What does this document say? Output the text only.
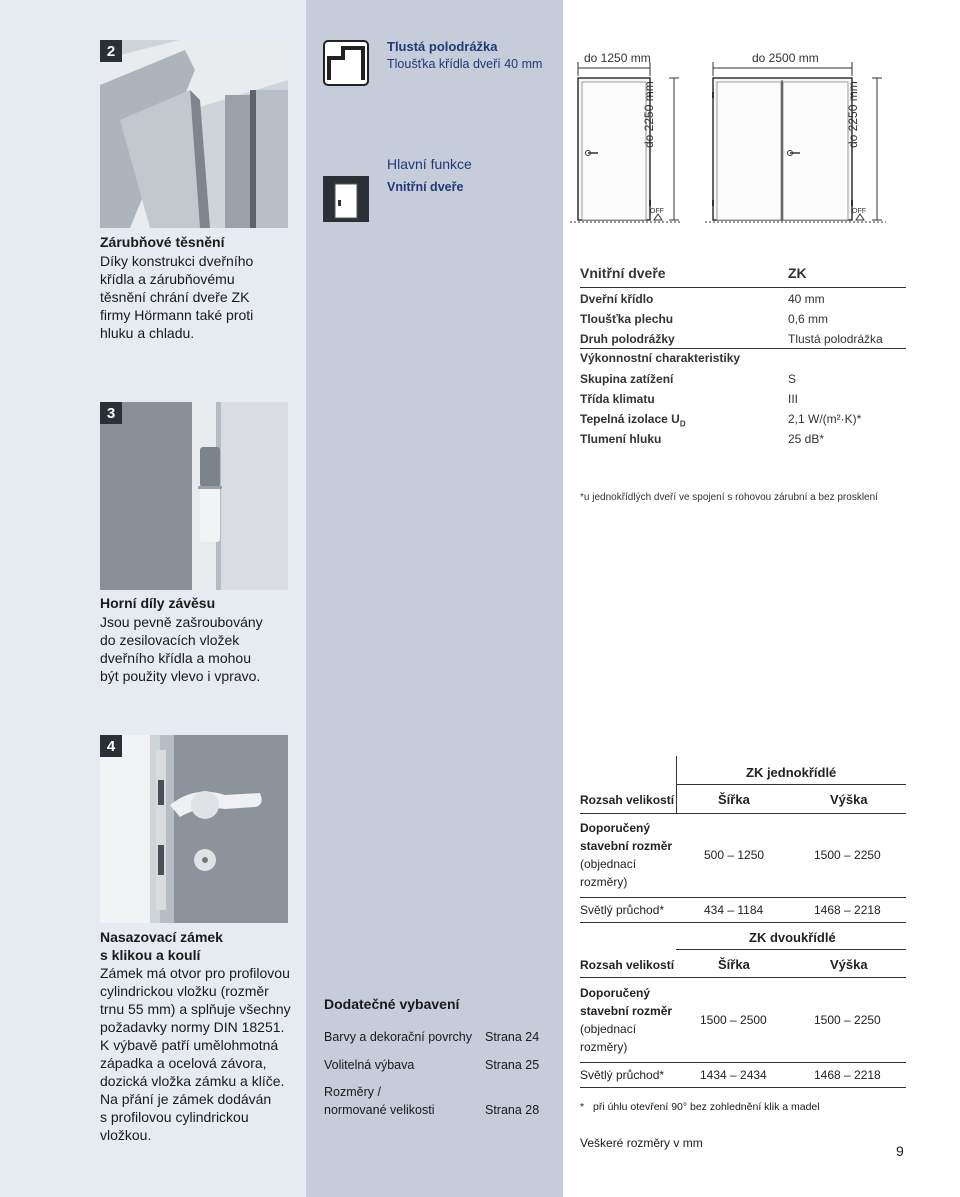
2
Zárubňové těsnění
Díky konstrukci dveřního
křídla a zárubňovému
těsnění chrání dveře ZK
firmy Hörmann také proti
hluku a chladu.
3
Horní díly závěsu
Jsou pevně zašroubovány
do zesilovacích vložek
dveřního křídla a mohou
být použity vlevo i vpravo.
4
Nasazovací zámek
s klikou a koulí
Zámek má otvor pro profilovou
cylindrickou vložku (rozměr
trnu 55 mm) a splňuje všechny
požadavky normy DIN 18251.
K výbavě patří umělohmotná
západka a ocelová závora,
dozická vložka zámku a klíče.
Na přání je zámek dodáván
s profilovou cylindrickou
vložkou.
Tlustá polodrážka
Tloušťka křídla dveří 40 mm
Hlavní funkce
Vnitřní dveře
Dodatečné vybavení
Barvy a dekorační povrchy Strana 24
Volitelná výbava	Strana 25
Rozměry /
normované velikosti	Strana 28
do 1250 mm	do 2500 mm
do 2250 mm	do 2250 mm
OFF	OFF
Vnitřní dveře	ZK
Dveřní křídlo	40 mm
Tloušťka plechu	0,6 mm
Druh polodrážky	Tlustá polodrážka
Výkonnostní charakteristiky
Skupina zatížení	S
Třída klimatu	III
Tepelná izolace $U_D$	2,1 W/(m²·K)*
Tlumení hluku	25 dB*
*u jednokřídlých dveří ve spojení s rohovou zárubní a bez prosklení
ZK jednokřídlé
Rozsah velikostí	Šířka	Výška
Doporučený
stavební rozměr
(objednací
rozměry)
500 – 1250	1500 – 2250
Světlý průchod*	434 – 1184	1468 – 2218
ZK dvoukřídlé
Rozsah velikostí	Šířka	Výška
Doporučený
stavební rozměr
(objednací
rozměry)
1500 – 2500	1500 – 2250
Světlý průchod*	1434 – 2434	1468 – 2218
* při úhlu otevření 90° bez zohlednění klik a madel
Veškeré rozměry v mm	9
